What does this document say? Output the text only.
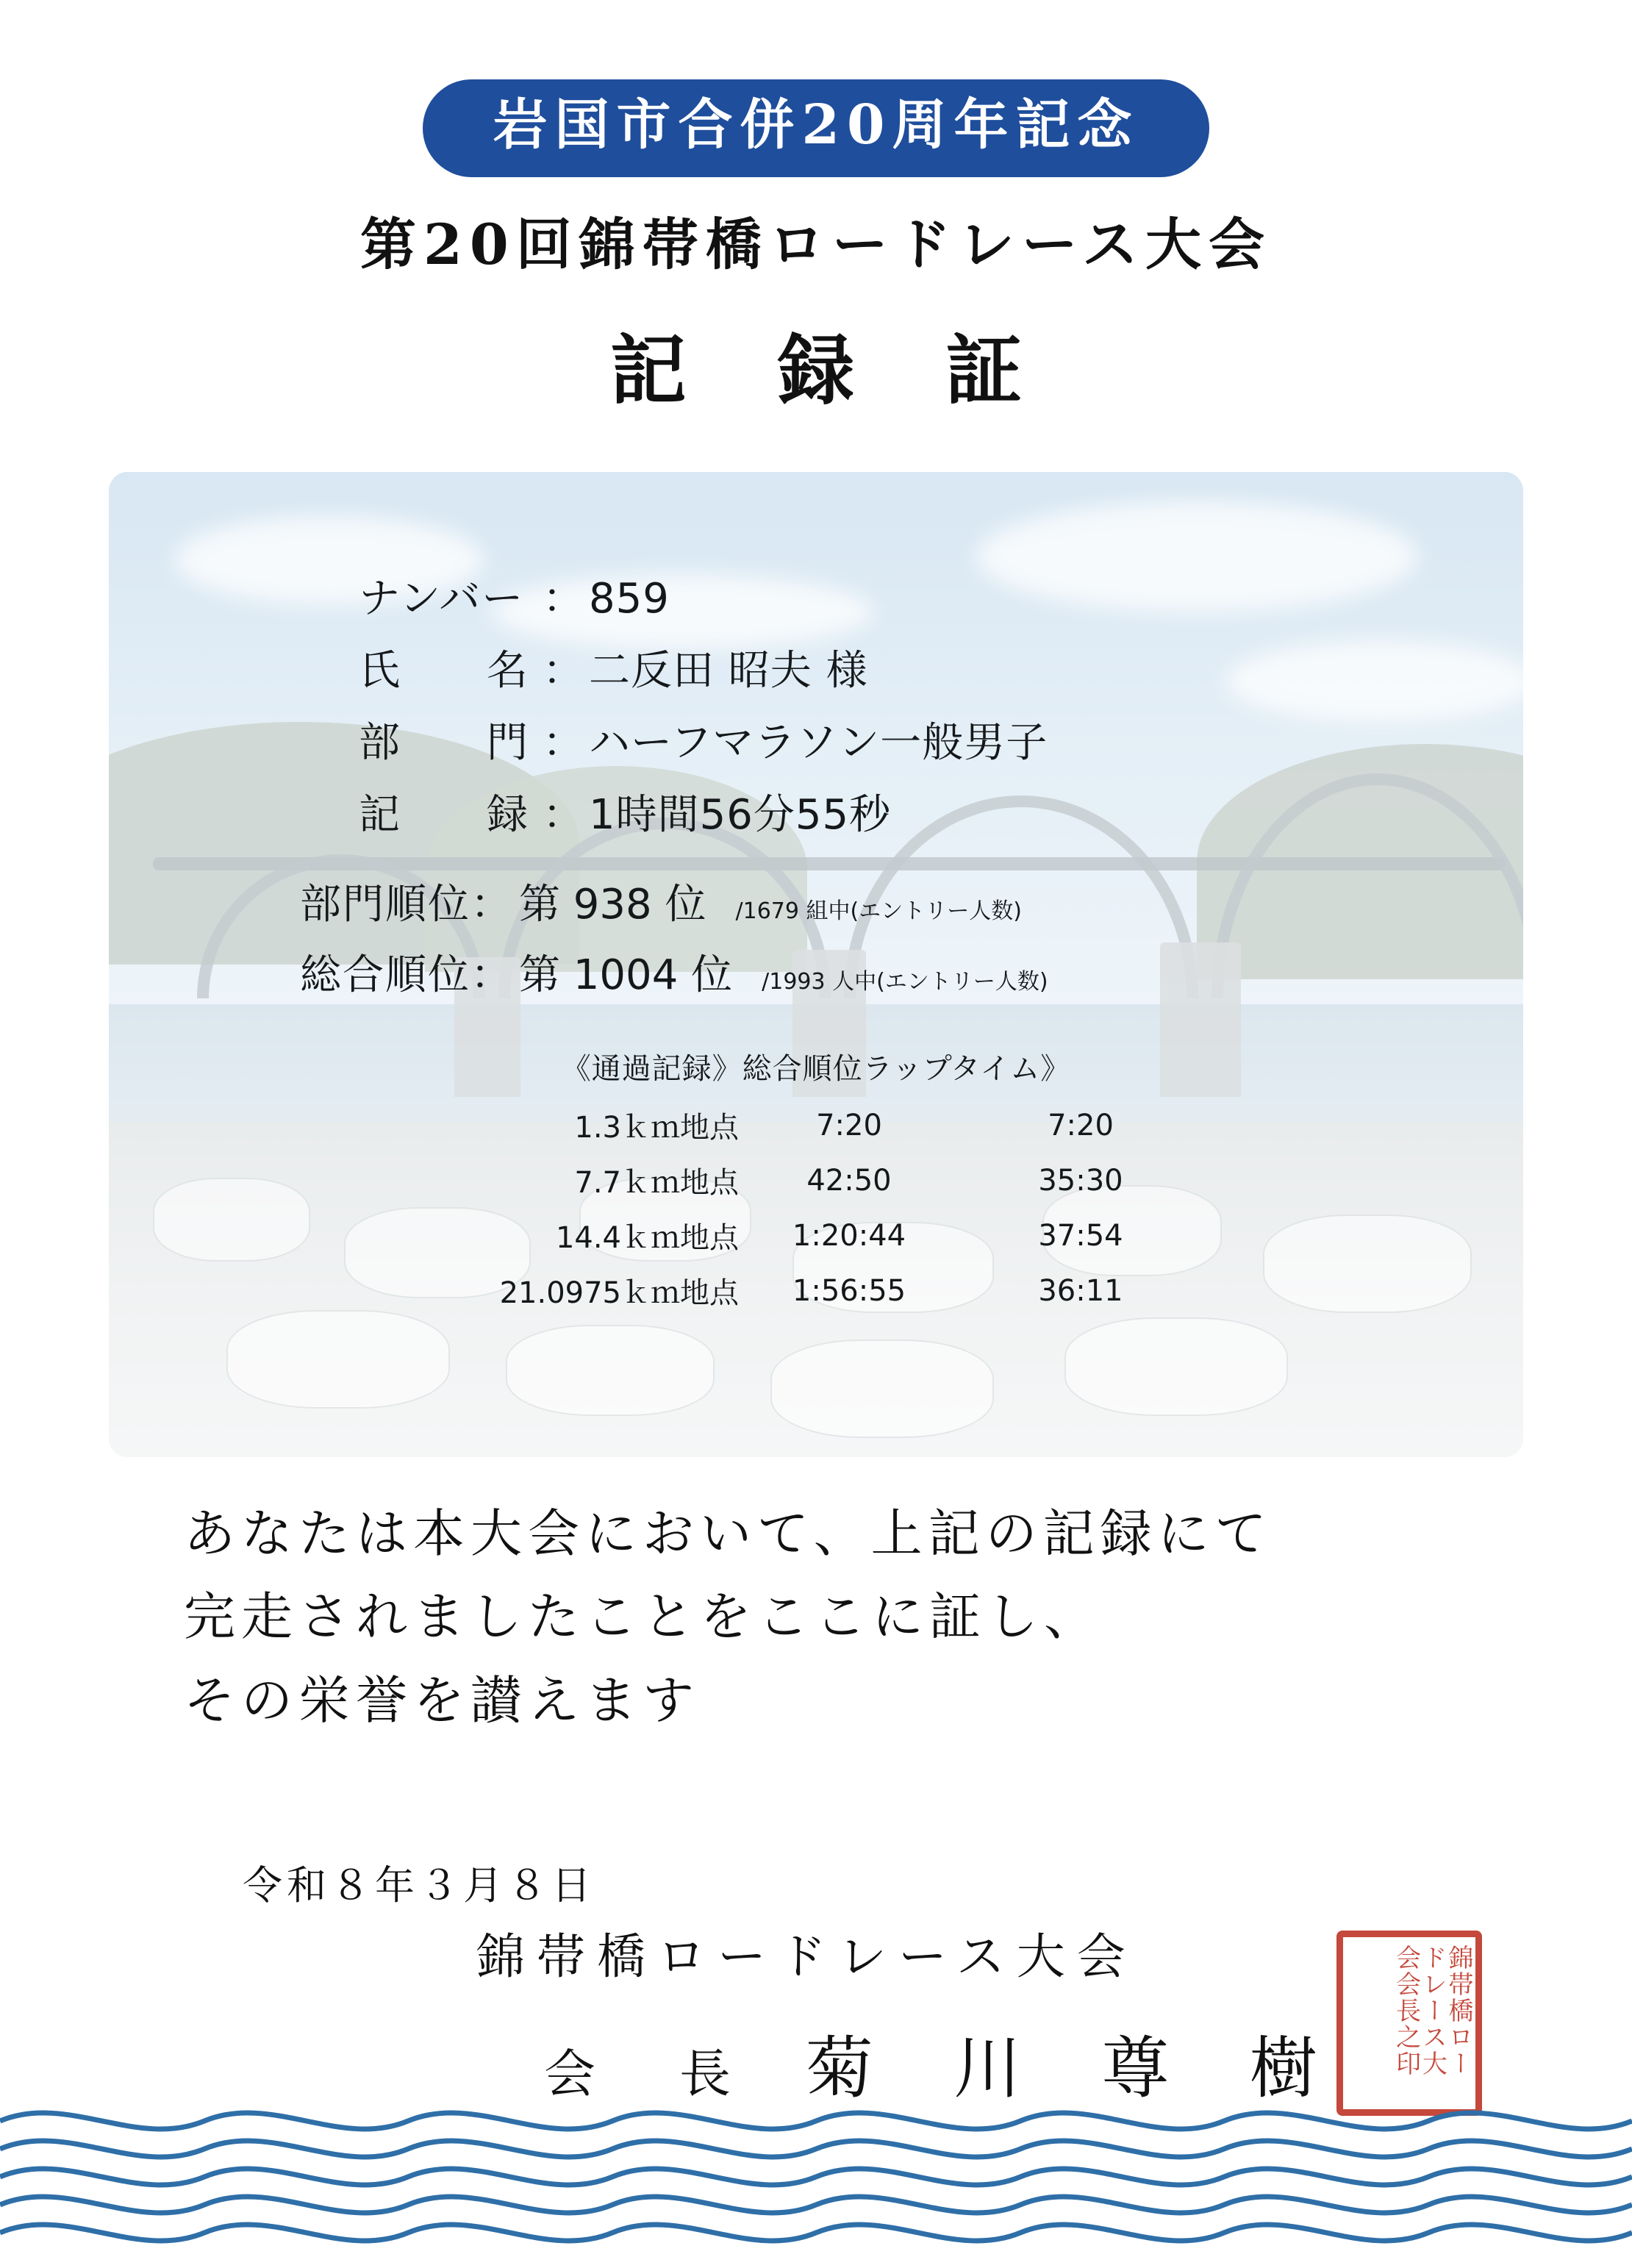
岩国市合併20周年記念
第20回錦帯橋ロードレース大会
記 録 証
ナンバー ： 859
氏　　名 ： 二反田 昭夫 様
部　　門 ： ハーフマラソン一般男子
記　　録 ： 1時間56分55秒
部門順位 ： 第 938 位 /1679 組中(エントリー人数)
総合順位 ： 第 1004 位 /1993 人中(エントリー人数)
《通過記録》総合順位ラップタイム》
1.3ｋｍ地点	7:20	7:20
7.7ｋｍ地点	42:50	35:30
14.4ｋｍ地点	1:20:44	37:54
21.0975ｋｍ地点	1:56:55	36:11
あなたは本大会において、上記の記録にて
完走されましたことをここに証し、
その栄誉を讃えます
令和８年３月８日
錦帯橋ロードレース大会
会　長 菊 川 尊 樹	錦帯橋ロードレース大会会長之印
